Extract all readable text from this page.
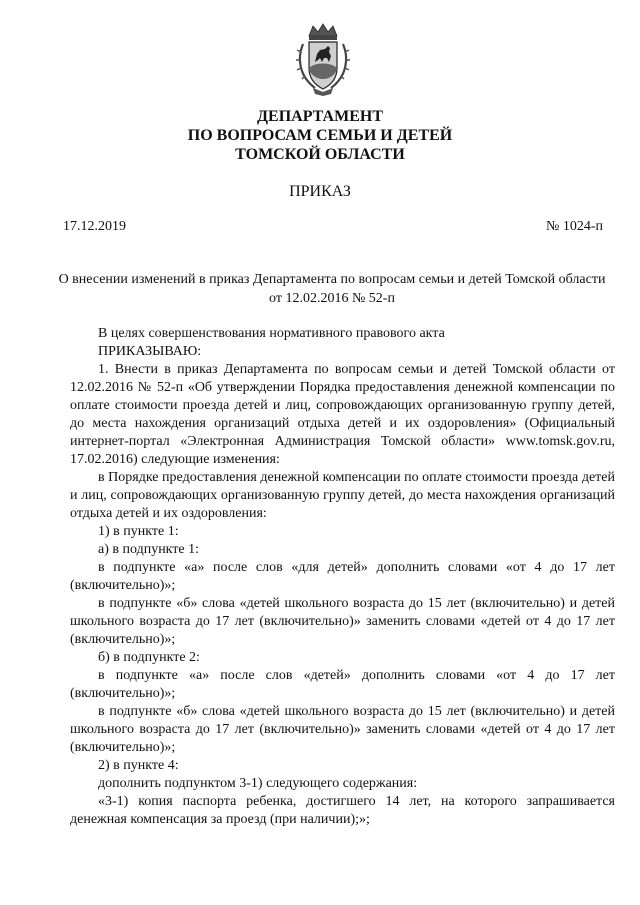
ДЕПАРТАМЕНТ
ПО ВОПРОСАМ СЕМЬИ И ДЕТЕЙ
ТОМСКОЙ ОБЛАСТИ
ПРИКАЗ
17.12.2019	№ 1024-п
О внесении изменений в приказ Департамента по вопросам семьи и детей Томской области
от 12.02.2016 № 52-п

В целях совершенствования нормативного правового акта

ПРИКАЗЫВАЮ:

1. Внести в приказ Департамента по вопросам семьи и детей Томской области от 12.02.2016 № 52-п «Об утверждении Порядка предоставления денежной компенсации по оплате стоимости проезда детей и лиц, сопровождающих организованную группу детей, до места нахождения организаций отдыха детей и их оздоровления» (Официальный интернет-портал «Электронная Администрация Томской области» www.tomsk.gov.ru, 17.02.2016) следующие изменения:

в Порядке предоставления денежной компенсации по оплате стоимости проезда детей и лиц, сопровождающих организованную группу детей, до места нахождения организаций отдыха детей и их оздоровления:

1) в пункте 1:

а) в подпункте 1:

в подпункте «а» после слов «для детей» дополнить словами «от 4 до 17 лет (включительно)»;

в подпункте «б» слова «детей школьного возраста до 15 лет (включительно) и детей школьного возраста до 17 лет (включительно)» заменить словами «детей от 4 до 17 лет (включительно)»;

б) в подпункте 2:

в подпункте «а» после слов «детей» дополнить словами «от 4 до 17 лет (включительно)»;

в подпункте «б» слова «детей школьного возраста до 15 лет (включительно) и детей школьного возраста до 17 лет (включительно)» заменить словами «детей от 4 до 17 лет (включительно)»;

2) в пункте 4:

дополнить подпунктом 3-1) следующего содержания:

«3-1) копия паспорта ребенка, достигшего 14 лет, на которого запрашивается денежная компенсация за проезд (при наличии);»;
